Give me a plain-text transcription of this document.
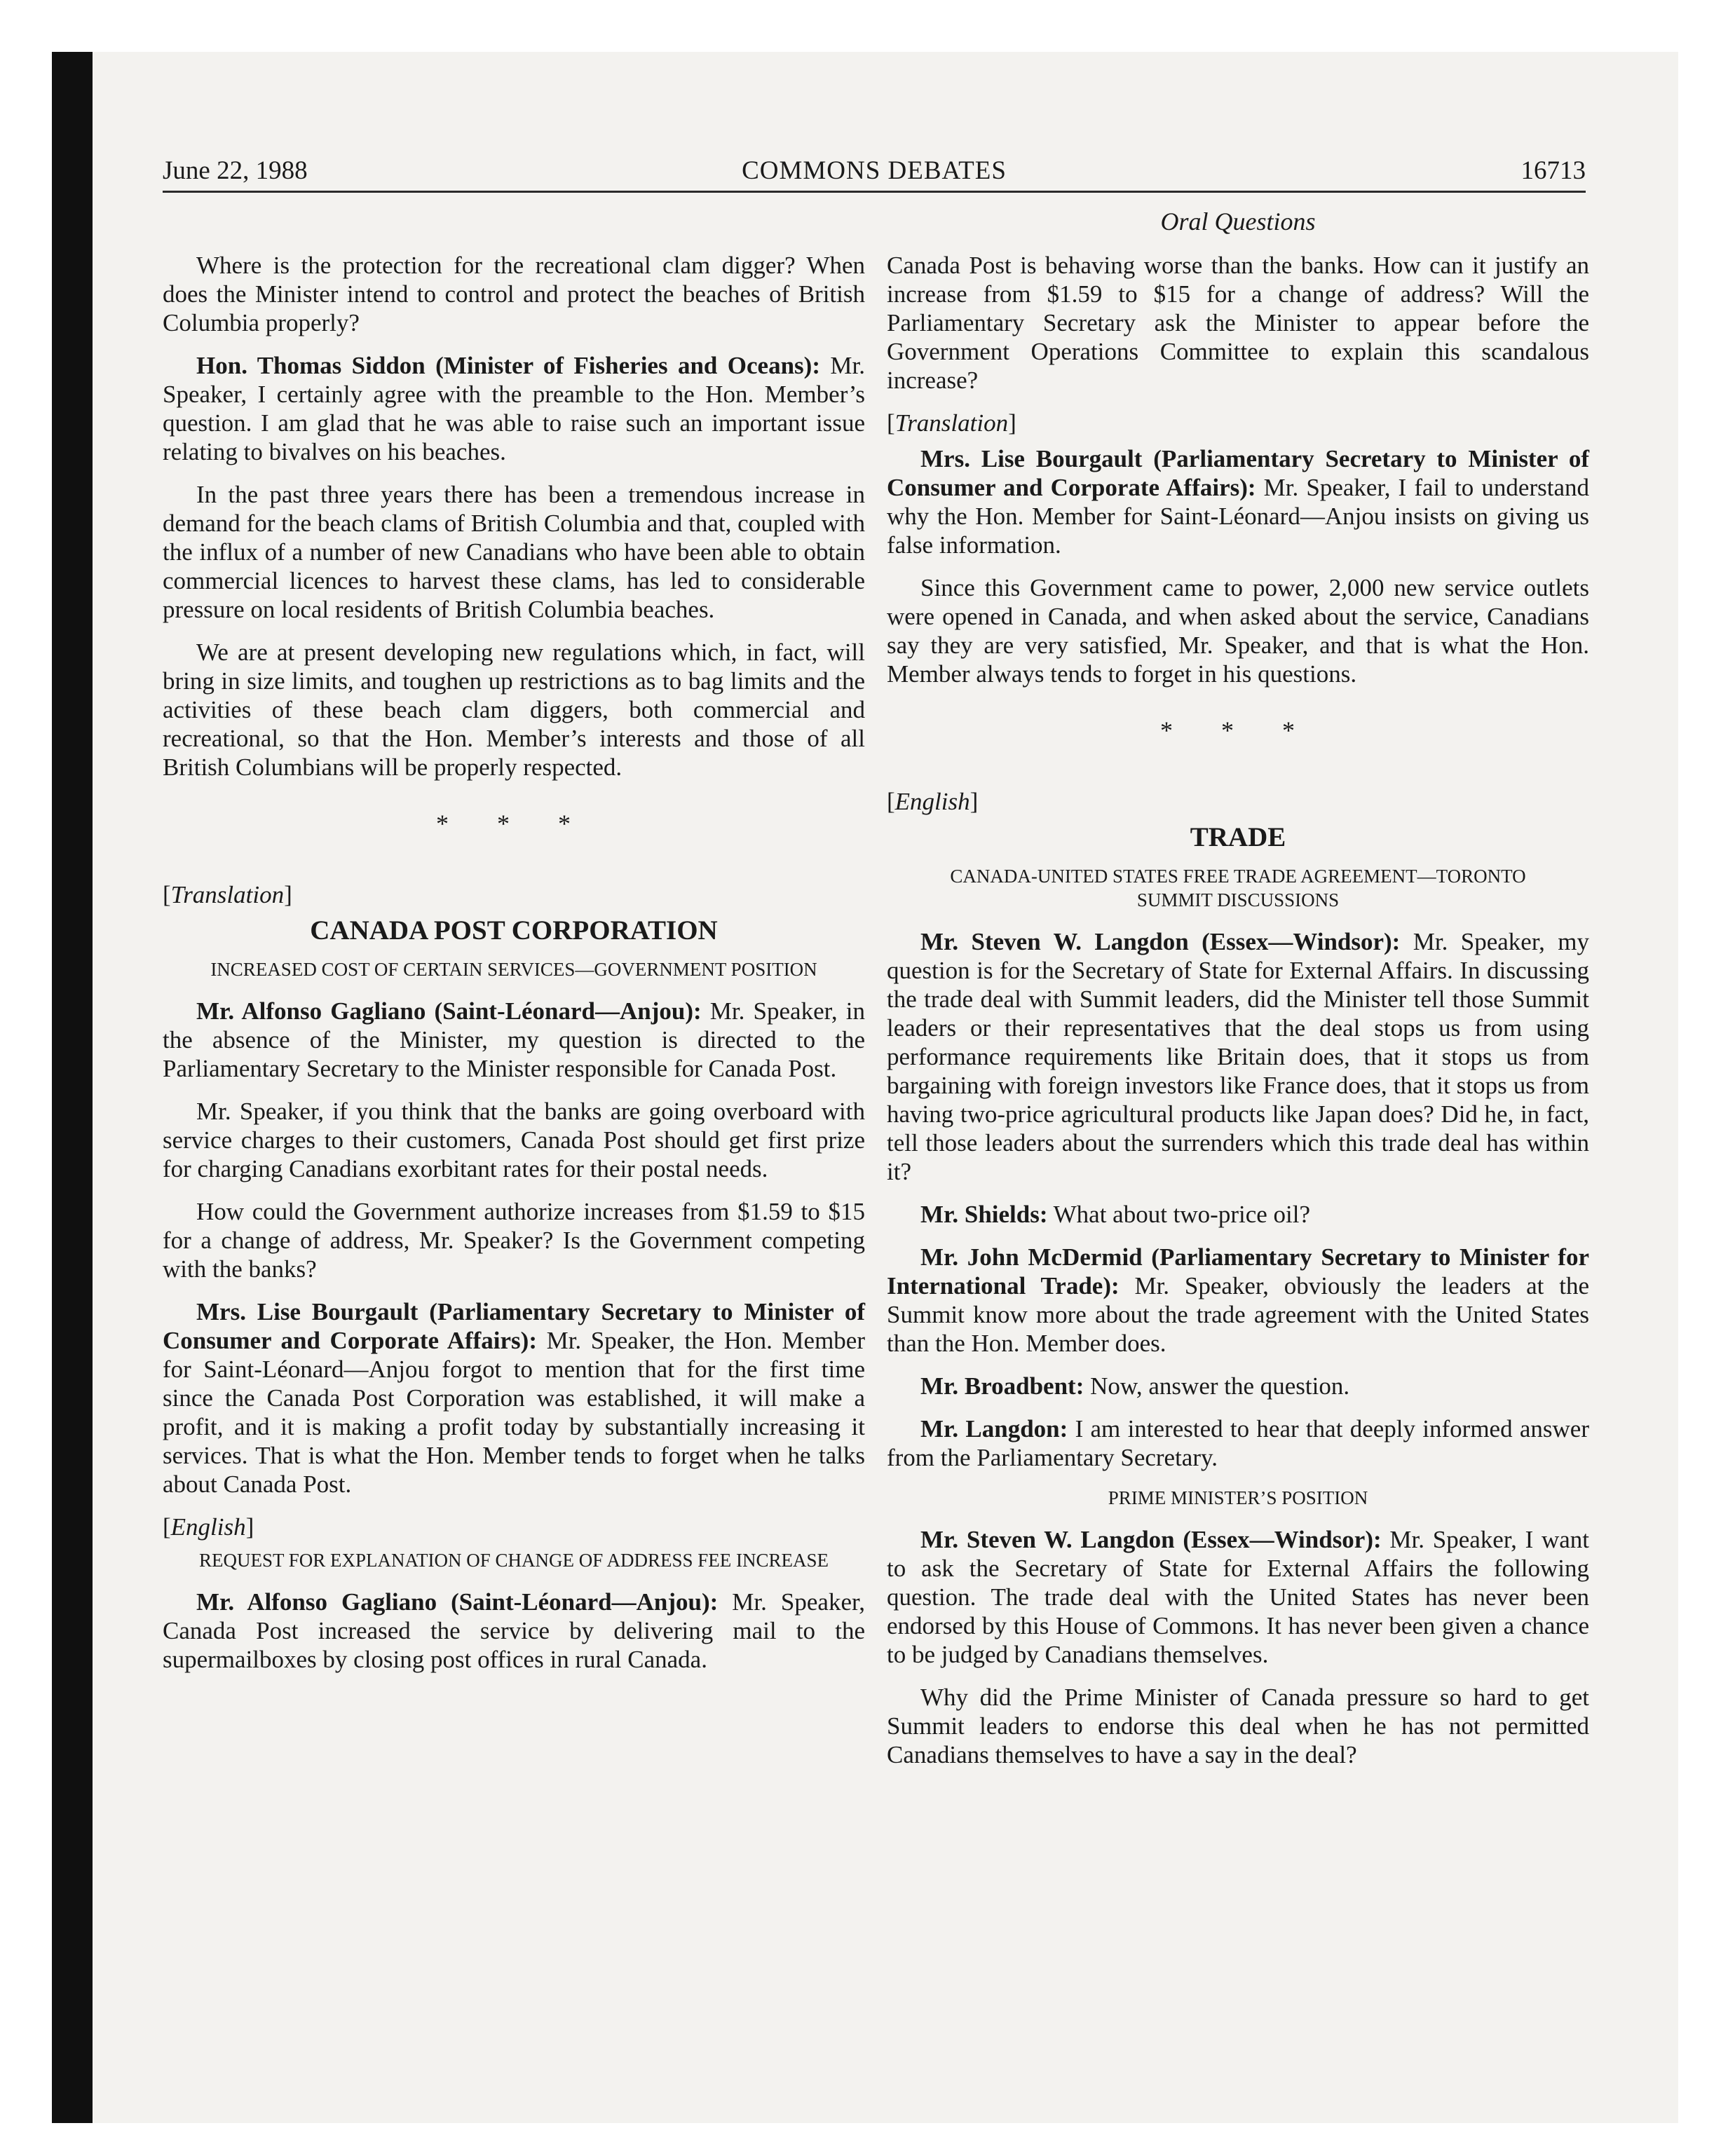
June 22, 1988	COMMONS DEBATES	16713
Oral Questions

Where is the protection for the recreational clam digger? When does the Minister intend to control and protect the beaches of British Columbia properly?

Hon. Thomas Siddon (Minister of Fisheries and Oceans): Mr. Speaker, I certainly agree with the preamble to the Hon. Member’s question. I am glad that he was able to raise such an important issue relating to bivalves on his beaches.

In the past three years there has been a tremendous increase in demand for the beach clams of British Columbia and that, coupled with the influx of a number of new Canadians who have been able to obtain commercial licences to harvest these clams, has led to considerable pressure on local residents of British Columbia beaches.

We are at present developing new regulations which, in fact, will bring in size limits, and toughen up restrictions as to bag limits and the activities of these beach clam diggers, both commercial and recreational, so that the Hon. Member’s interests and those of all British Columbians will be properly respected.

* * *

[Translation]

CANADA POST CORPORATION
INCREASED COST OF CERTAIN SERVICES—GOVERNMENT POSITION

Mr. Alfonso Gagliano (Saint-Léonard—Anjou): Mr. Speaker, in the absence of the Minister, my question is directed to the Parliamentary Secretary to the Minister responsible for Canada Post.

Mr. Speaker, if you think that the banks are going overboard with service charges to their customers, Canada Post should get first prize for charging Canadians exorbitant rates for their postal needs.

How could the Government authorize increases from $1.59 to $15 for a change of address, Mr. Speaker? Is the Government competing with the banks?

Mrs. Lise Bourgault (Parliamentary Secretary to Minister of Consumer and Corporate Affairs): Mr. Speaker, the Hon. Member for Saint-Léonard—Anjou forgot to mention that for the first time since the Canada Post Corporation was established, it will make a profit, and it is making a profit today by substantially increasing it services. That is what the Hon. Member tends to forget when he talks about Canada Post.

[English]

REQUEST FOR EXPLANATION OF CHANGE OF ADDRESS FEE INCREASE

Mr. Alfonso Gagliano (Saint-Léonard—Anjou): Mr. Speaker, Canada Post increased the service by delivering mail to the supermailboxes by closing post offices in rural Canada.

Canada Post is behaving worse than the banks. How can it justify an increase from $1.59 to $15 for a change of address? Will the Parliamentary Secretary ask the Minister to appear before the Government Operations Committee to explain this scandalous increase?

[Translation]

Mrs. Lise Bourgault (Parliamentary Secretary to Minister of Consumer and Corporate Affairs): Mr. Speaker, I fail to understand why the Hon. Member for Saint-Léonard—Anjou insists on giving us false information.

Since this Government came to power, 2,000 new service outlets were opened in Canada, and when asked about the service, Canadians say they are very satisfied, Mr. Speaker, and that is what the Hon. Member always tends to forget in his questions.

* * *

[English]

TRADE
CANADA-UNITED STATES FREE TRADE AGREEMENT—TORONTO SUMMIT DISCUSSIONS

Mr. Steven W. Langdon (Essex—Windsor): Mr. Speaker, my question is for the Secretary of State for External Affairs. In discussing the trade deal with Summit leaders, did the Minister tell those Summit leaders or their representatives that the deal stops us from using performance requirements like Britain does, that it stops us from bargaining with foreign investors like France does, that it stops us from having two-price agricultural products like Japan does? Did he, in fact, tell those leaders about the surrenders which this trade deal has within it?

Mr. Shields: What about two-price oil?

Mr. John McDermid (Parliamentary Secretary to Minister for International Trade): Mr. Speaker, obviously the leaders at the Summit know more about the trade agreement with the United States than the Hon. Member does.

Mr. Broadbent: Now, answer the question.

Mr. Langdon: I am interested to hear that deeply informed answer from the Parliamentary Secretary.

PRIME MINISTER’S POSITION

Mr. Steven W. Langdon (Essex—Windsor): Mr. Speaker, I want to ask the Secretary of State for External Affairs the following question. The trade deal with the United States has never been endorsed by this House of Commons. It has never been given a chance to be judged by Canadians themselves.

Why did the Prime Minister of Canada pressure so hard to get Summit leaders to endorse this deal when he has not permitted Canadians themselves to have a say in the deal?
